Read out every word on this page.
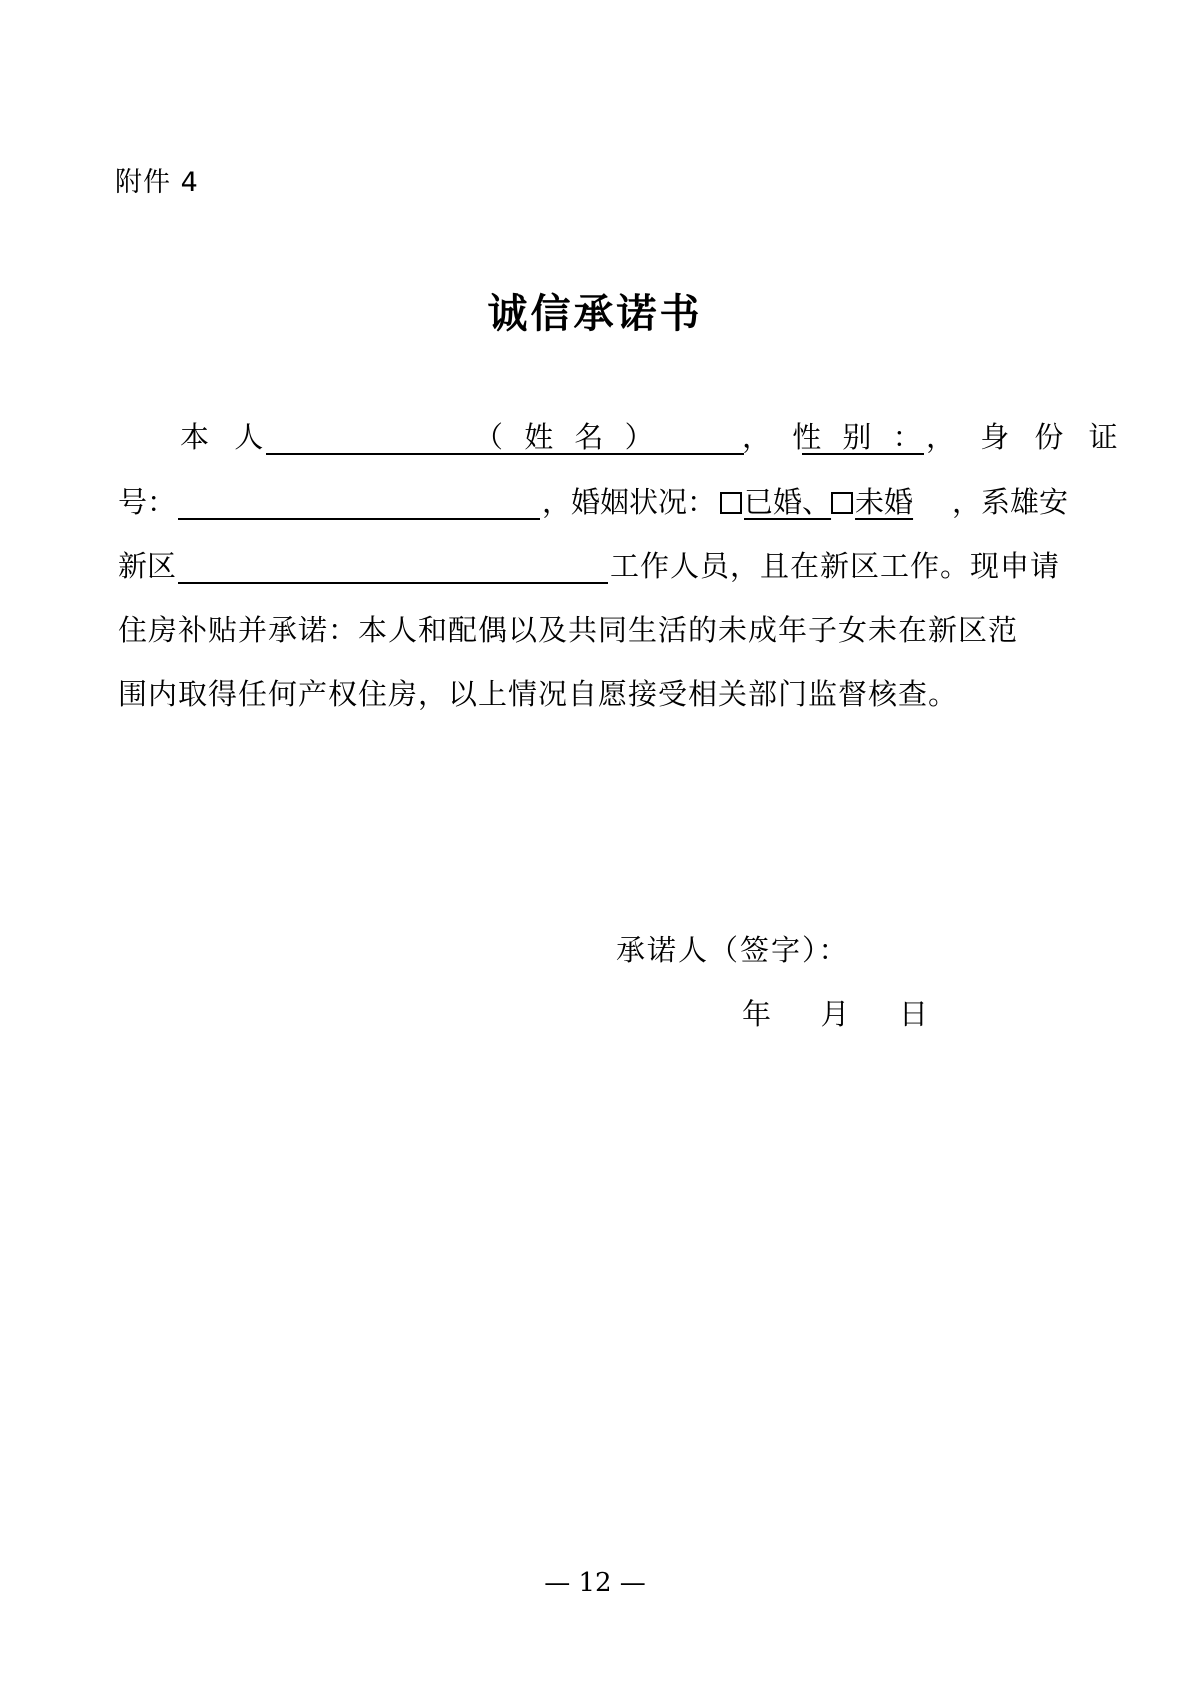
附件 4
诚信承诺书
本 人	（ 姓 名 ）	， 性 别 ：
， 身 份 证
号：	，婚姻状况： 已婚、 未婚 ，系雄安
新区	工作人员，且在新区工作。现申请
住房补贴并承诺：本人和配偶以及共同生活的未成年子女未在新区范
围内取得任何产权住房，以上情况自愿接受相关部门监督核查。
承诺人（签字）：
年 月 日
— 12 —
